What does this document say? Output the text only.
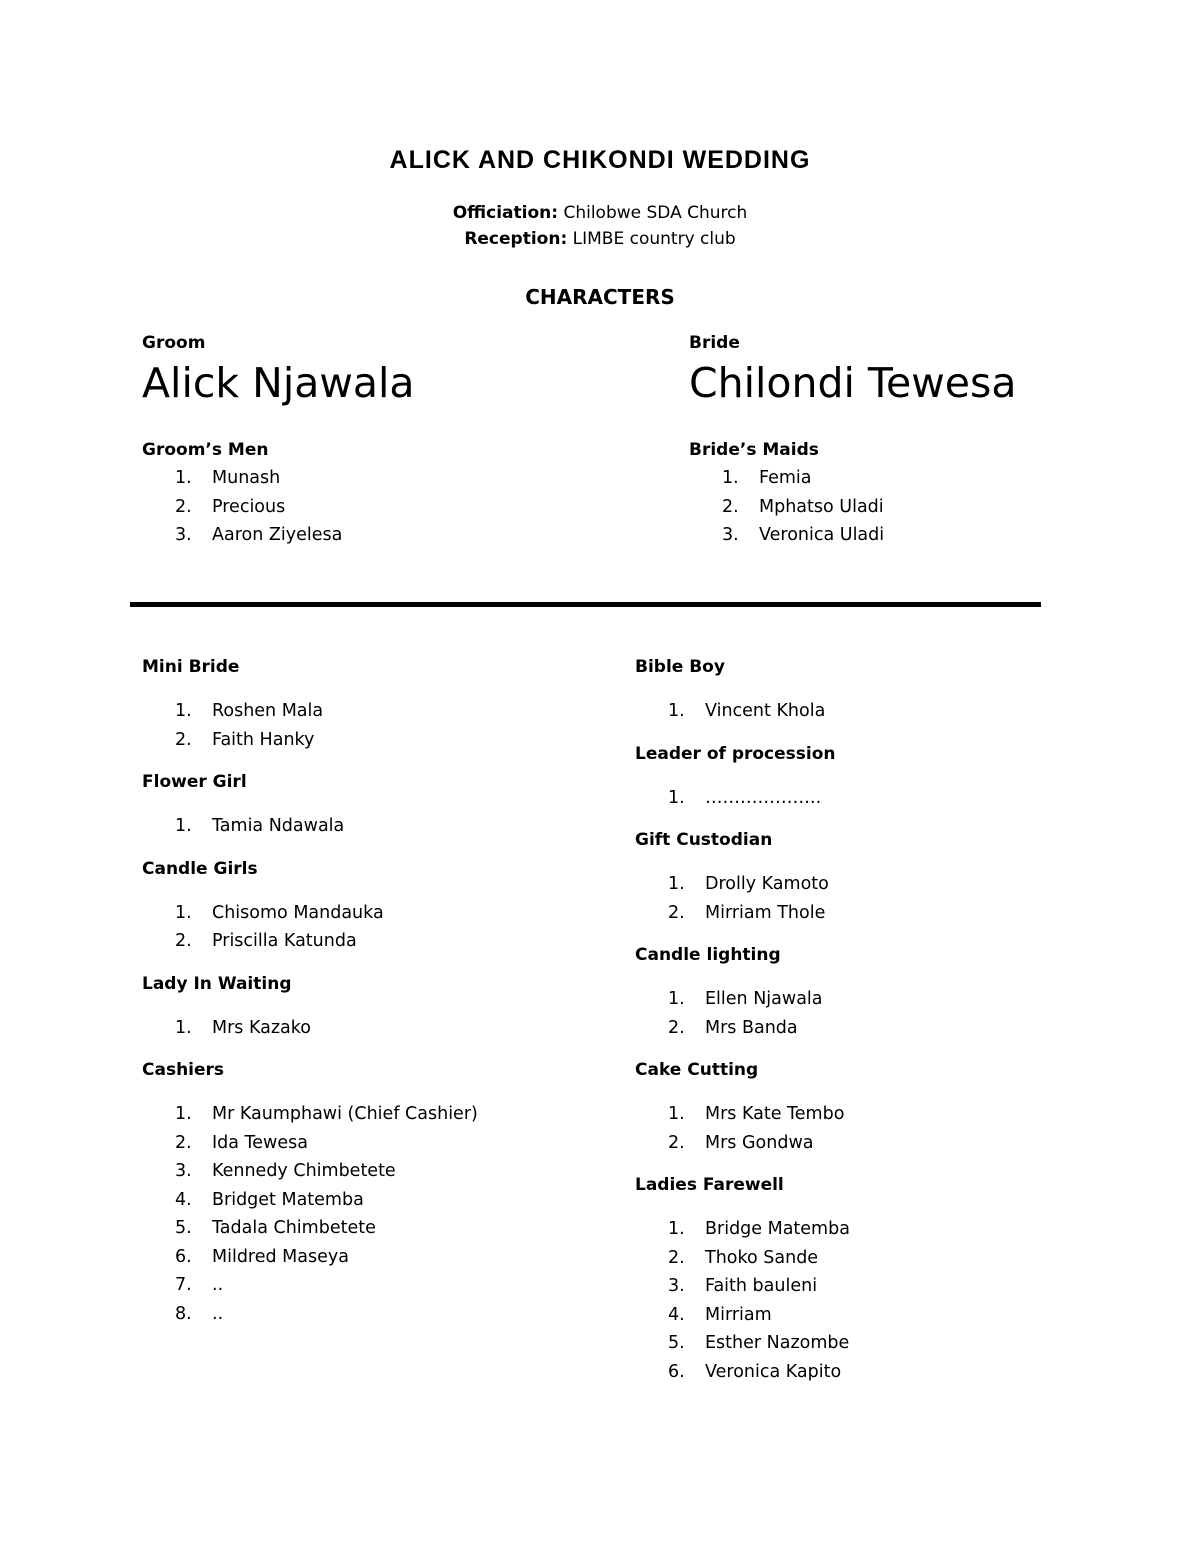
ALICK AND CHIKONDI WEDDING
Officiation: Chilobwe SDA Church
Reception: LIMBE country club
CHARACTERS
Groom
Alick Njawala
Groom’s Men
1.	Munash
2.	Precious
3.	Aaron Ziyelesa
Bride
Chilondi Tewesa
Bride’s Maids
1.	Femia
2.	Mphatso Uladi
3.	Veronica Uladi
Mini Bride
1.	Roshen Mala
2.	Faith Hanky
Flower Girl
1.	Tamia Ndawala
Candle Girls
1.	Chisomo Mandauka
2.	Priscilla Katunda
Lady In Waiting
1.	Mrs Kazako
Cashiers
1.	Mr Kaumphawi (Chief Cashier)
2.	Ida Tewesa
3.	Kennedy Chimbetete
4.	Bridget Matemba
5.	Tadala Chimbetete
6.	Mildred Maseya
7.	..
8.	..
Bible Boy
1.	Vincent Khola
Leader of procession
1.	………………..
Gift Custodian
1.	Drolly Kamoto
2.	Mirriam Thole
Candle lighting
1.	Ellen Njawala
2.	Mrs Banda
Cake Cutting
1.	Mrs Kate Tembo
2.	Mrs Gondwa
Ladies Farewell
1.	Bridge Matemba
2.	Thoko Sande
3.	Faith bauleni
4.	Mirriam
5.	Esther Nazombe
6.	Veronica Kapito
